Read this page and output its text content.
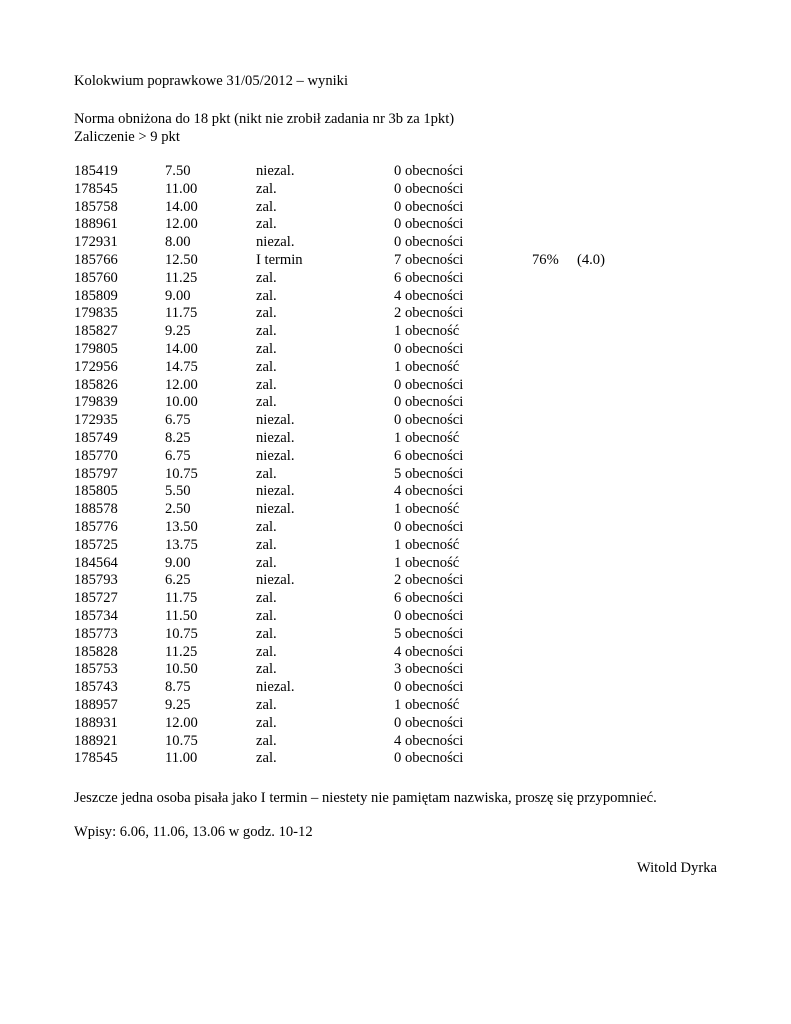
Kolokwium poprawkowe 31/05/2012 – wyniki
Norma obniżona do 18 pkt (nikt nie zrobił zadania nr 3b za 1pkt)
Zaliczenie > 9 pkt
185419	7.50	niezal.	0 obecności
178545	11.00	zal.	0 obecności
185758	14.00	zal.	0 obecności
188961	12.00	zal.	0 obecności
172931	8.00	niezal.	0 obecności
185766	12.50	I termin	7 obecności	76% (4.0)
185760	11.25	zal.	6 obecności
185809	9.00	zal.	4 obecności
179835	11.75	zal.	2 obecności
185827	9.25	zal.	1 obecność
179805	14.00	zal.	0 obecności
172956	14.75	zal.	1 obecność
185826	12.00	zal.	0 obecności
179839	10.00	zal.	0 obecności
172935	6.75	niezal.	0 obecności
185749	8.25	niezal.	1 obecność
185770	6.75	niezal.	6 obecności
185797	10.75	zal.	5 obecności
185805	5.50	niezal.	4 obecności
188578	2.50	niezal.	1 obecność
185776	13.50	zal.	0 obecności
185725	13.75	zal.	1 obecność
184564	9.00	zal.	1 obecność
185793	6.25	niezal.	2 obecności
185727	11.75	zal.	6 obecności
185734	11.50	zal.	0 obecności
185773	10.75	zal.	5 obecności
185828	11.25	zal.	4 obecności
185753	10.50	zal.	3 obecności
185743	8.75	niezal.	0 obecności
188957	9.25	zal.	1 obecność
188931	12.00	zal.	0 obecności
188921	10.75	zal.	4 obecności
178545	11.00	zal.	0 obecności
Jeszcze jedna osoba pisała jako I termin – niestety nie pamiętam nazwiska, proszę się przypomnieć.
Wpisy: 6.06, 11.06, 13.06 w godz. 10-12
Witold Dyrka
